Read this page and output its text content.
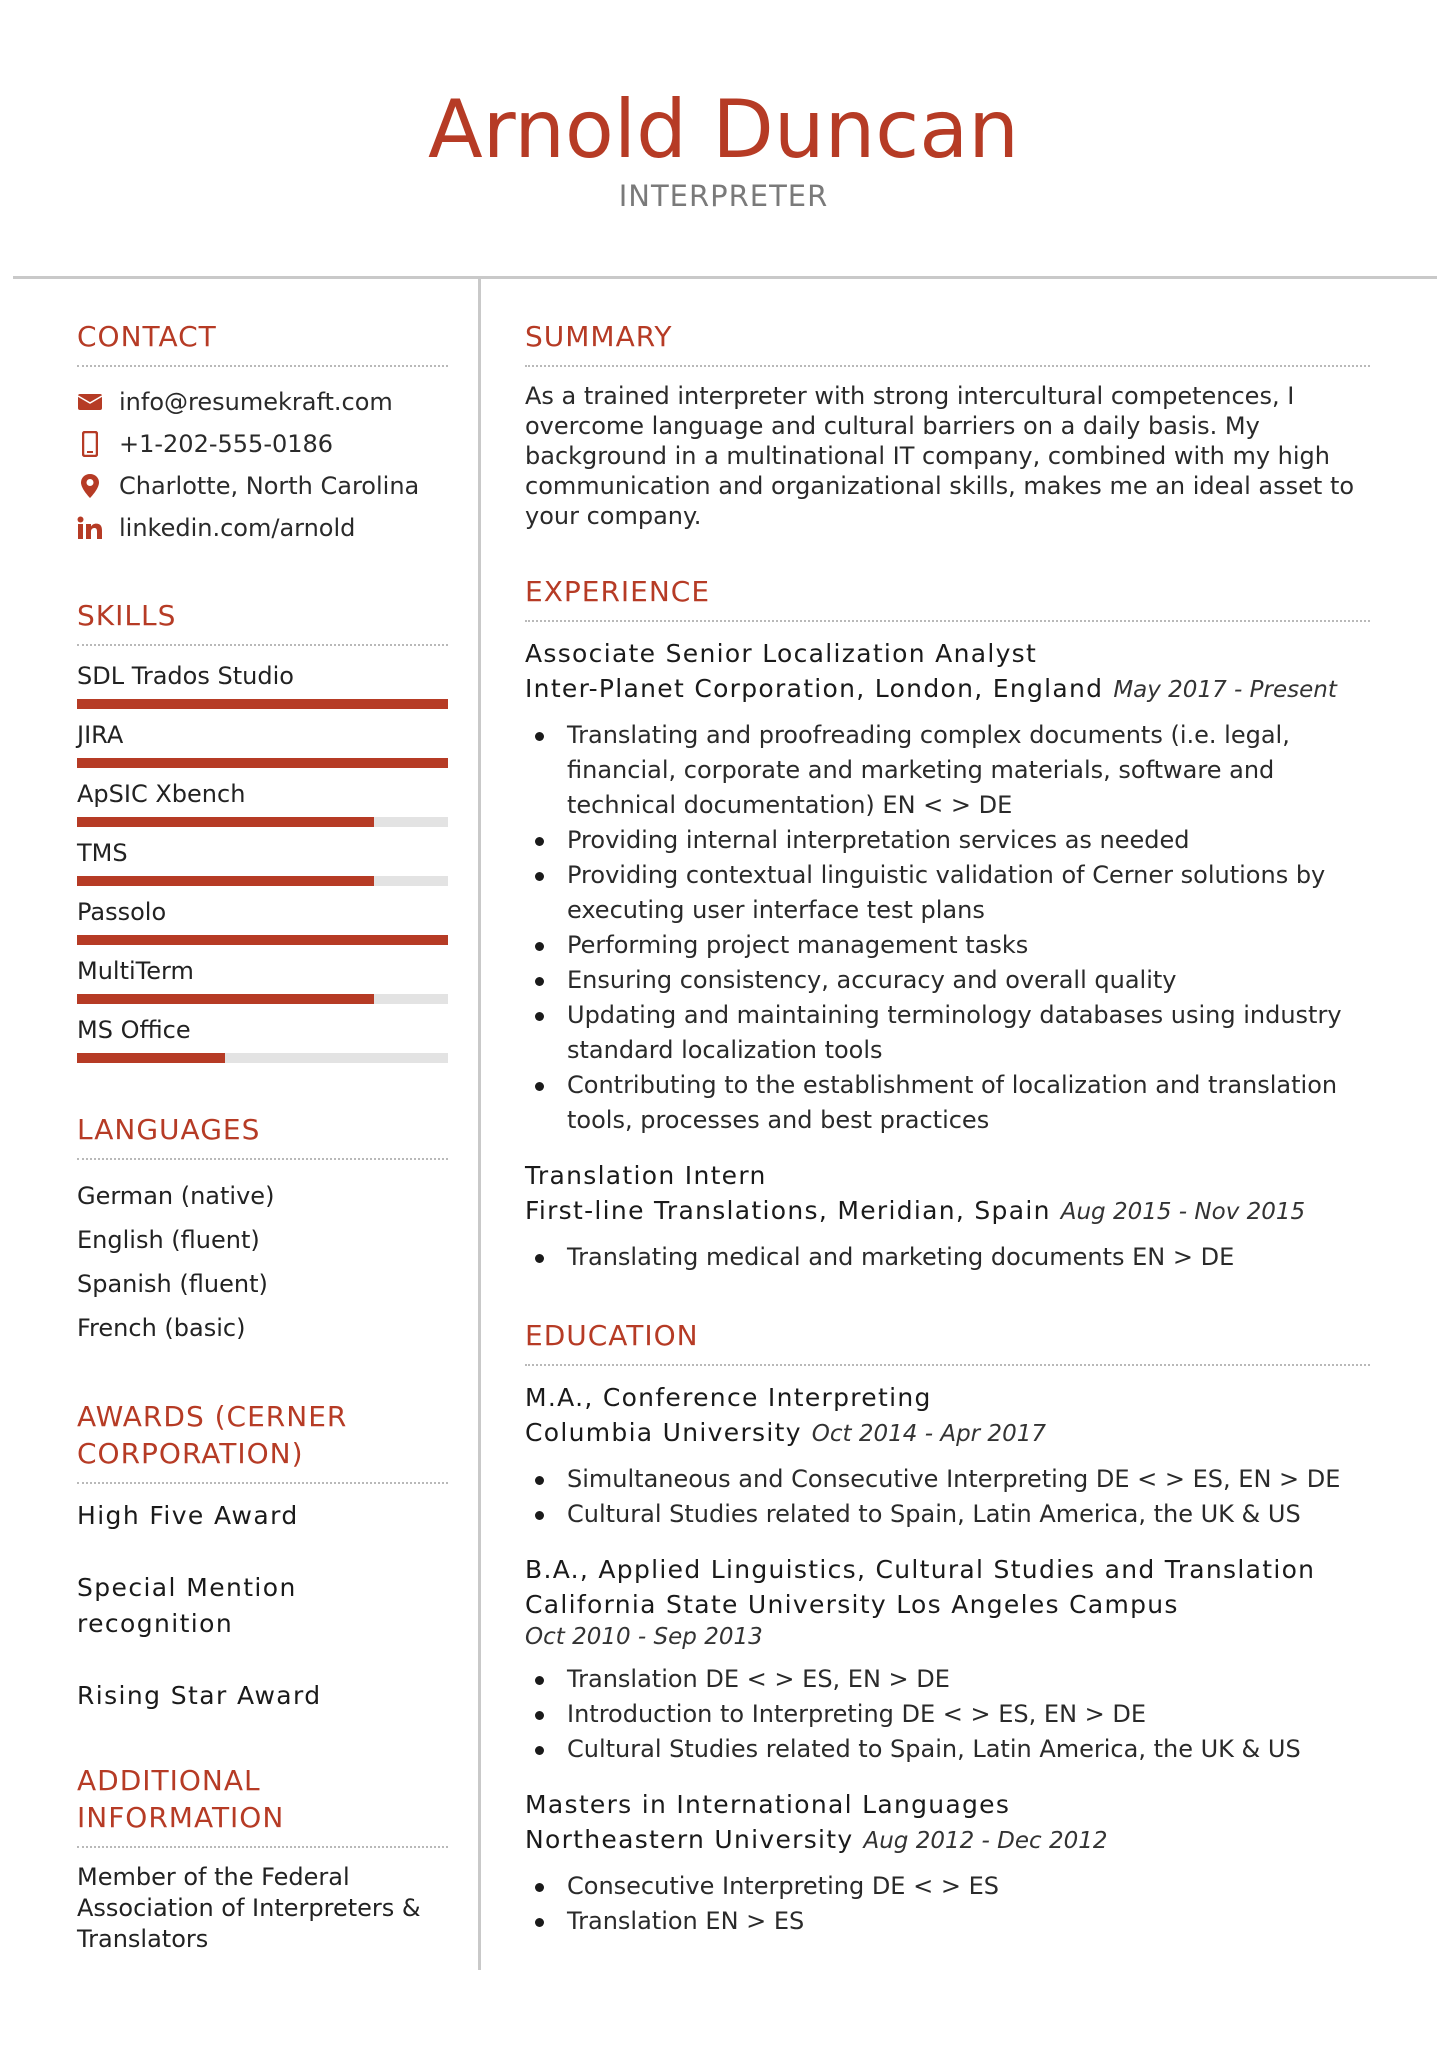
Arnold Duncan
INTERPRETER
CONTACT
info@resumekraft.com
+1-202-555-0186
Charlotte, North Carolina
linkedin.com/arnold
SKILLS
SDL Trados Studio
JIRA
ApSIC Xbench
TMS
Passolo
MultiTerm
MS Office
LANGUAGES
German (native)
English (fluent)
Spanish (fluent)
French (basic)
AWARDS (CERNER CORPORATION)
High Five Award
Special Mention recognition
Rising Star Award
ADDITIONAL INFORMATION
Member of the Federal Association of Interpreters & Translators
SUMMARY
As a trained interpreter with strong intercultural competences, I overcome language and cultural barriers on a daily basis. My background in a multinational IT company, combined with my high communication and organizational skills, makes me an ideal asset to your company.
EXPERIENCE
Associate Senior Localization Analyst
Inter-Planet Corporation, London, England May 2017 - Present
Translating and proofreading complex documents (i.e. legal, financial, corporate and marketing materials, software and technical documentation) EN < > DE
Providing internal interpretation services as needed
Providing contextual linguistic validation of Cerner solutions by executing user interface test plans
Performing project management tasks
Ensuring consistency, accuracy and overall quality
Updating and maintaining terminology databases using industry standard localization tools
Contributing to the establishment of localization and translation tools, processes and best practices
Translation Intern
First-line Translations, Meridian, Spain Aug 2015 - Nov 2015
Translating medical and marketing documents EN > DE
EDUCATION
M.A., Conference Interpreting
Columbia University Oct 2014 - Apr 2017
Simultaneous and Consecutive Interpreting DE < > ES, EN > DE
Cultural Studies related to Spain, Latin America, the UK & US
B.A., Applied Linguistics, Cultural Studies and Translation
California State University Los Angeles Campus
Oct 2010 - Sep 2013
Translation DE < > ES, EN > DE
Introduction to Interpreting DE < > ES, EN > DE
Cultural Studies related to Spain, Latin America, the UK & US
Masters in International Languages
Northeastern University Aug 2012 - Dec 2012
Consecutive Interpreting DE < > ES
Translation EN > ES
